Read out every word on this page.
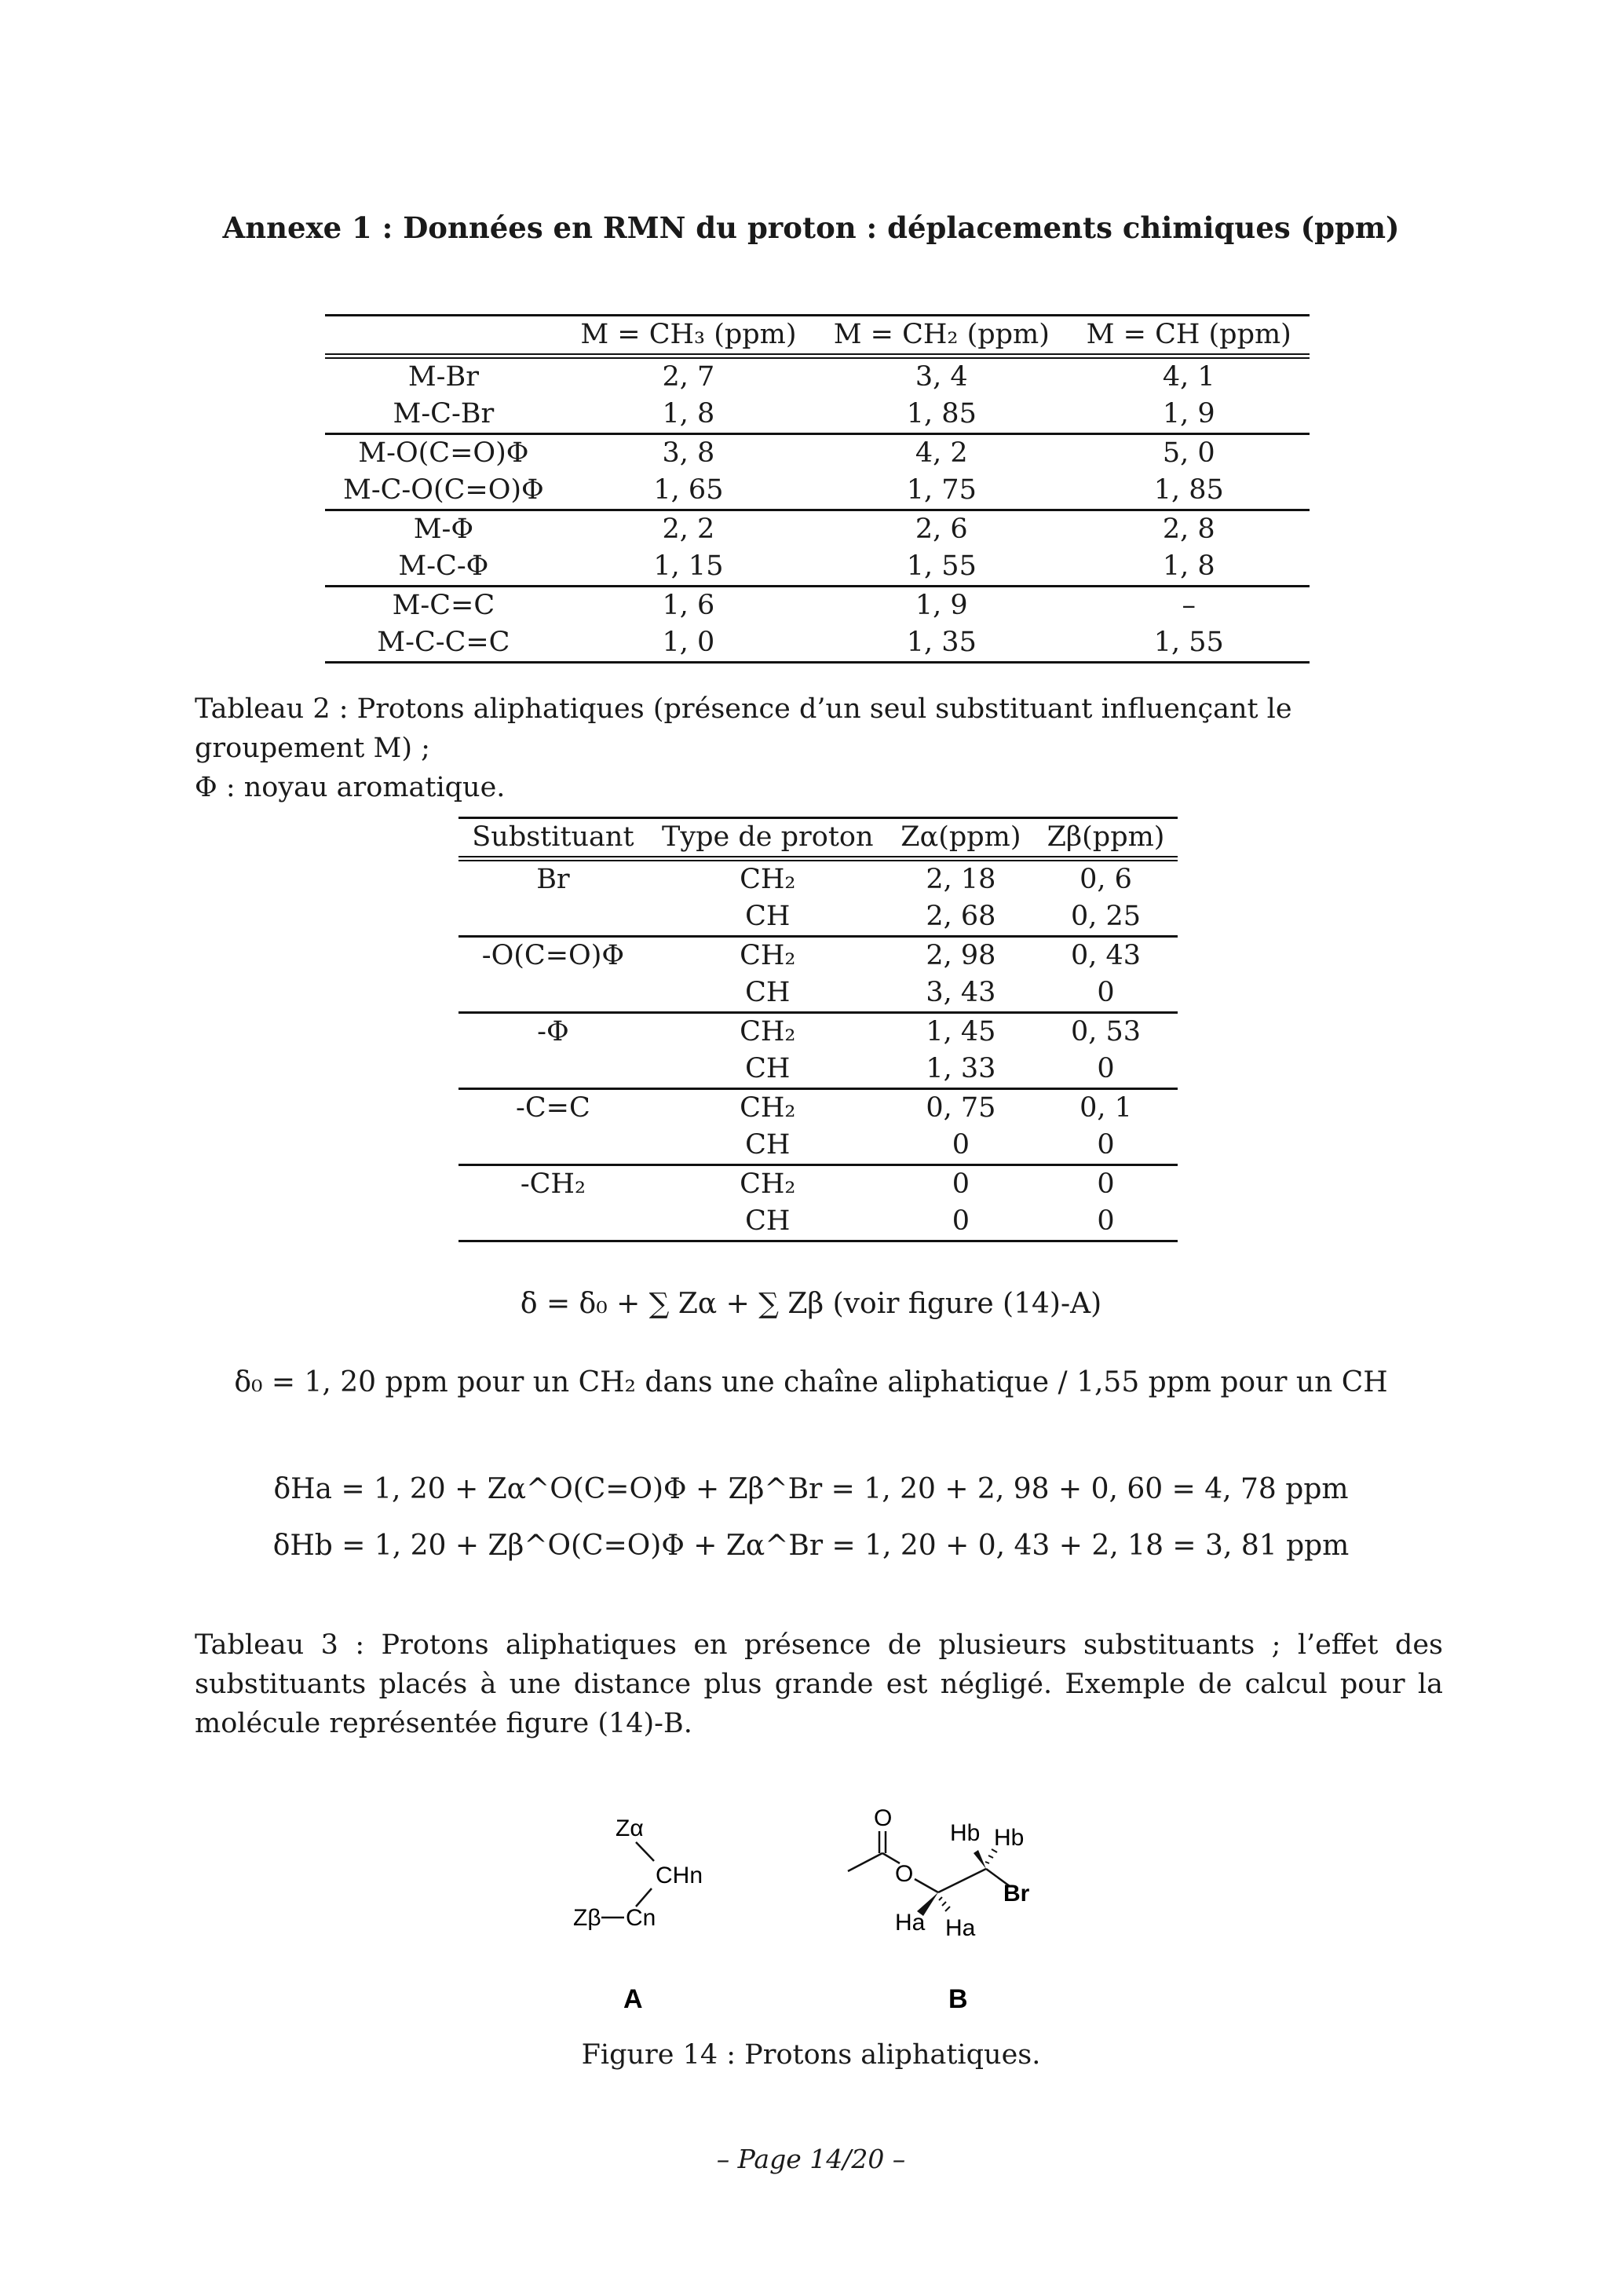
Annexe 1 : Données en RMN du proton : déplacements chimiques (ppm)
	M = CH₃ (ppm)	M = CH₂ (ppm)	M = CH (ppm)
M-Br	2, 7	3, 4	4, 1
M-C-Br	1, 8	1, 85	1, 9
M-O(C=O)Φ	3, 8	4, 2	5, 0
M-C-O(C=O)Φ	1, 65	1, 75	1, 85
M-Φ	2, 2	2, 6	2, 8
M-C-Φ	1, 15	1, 55	1, 8
M-C=C	1, 6	1, 9	–
M-C-C=C	1, 0	1, 35	1, 55
Tableau 2 : Protons aliphatiques (présence d’un seul substituant influençant le groupement M) ;
Φ : noyau aromatique.
Substituant	Type de proton	Zα(ppm)	Zβ(ppm)
Br	CH₂	2, 18	0, 6
	CH	2, 68	0, 25
-O(C=O)Φ	CH₂	2, 98	0, 43
	CH	3, 43	0
-Φ	CH₂	1, 45	0, 53
	CH	1, 33	0
-C=C	CH₂	0, 75	0, 1
	CH	0	0
-CH₂	CH₂	0	0
	CH	0	0
δ = δ₀ + ∑ Zα + ∑ Zβ (voir figure (14)-A)
δ₀ = 1, 20 ppm pour un CH₂ dans une chaîne aliphatique / 1,55 ppm pour un CH
δHa = 1, 20 + Zα^O(C=O)Φ + Zβ^Br = 1, 20 + 2, 98 + 0, 60 = 4, 78 ppm
δHb = 1, 20 + Zβ^O(C=O)Φ + Zα^Br = 1, 20 + 0, 43 + 2, 18 = 3, 81 ppm
Tableau 3 : Protons aliphatiques en présence de plusieurs substituants ; l’effet des substituants placés à une distance plus grande est négligé. Exemple de calcul pour la molécule représentée figure (14)-B.
Zα
CHn
Zβ Cn
A
O
O
Hb Hb
Br
Ha Ha
B
Figure 14 : Protons aliphatiques.
– Page 14/20 –
